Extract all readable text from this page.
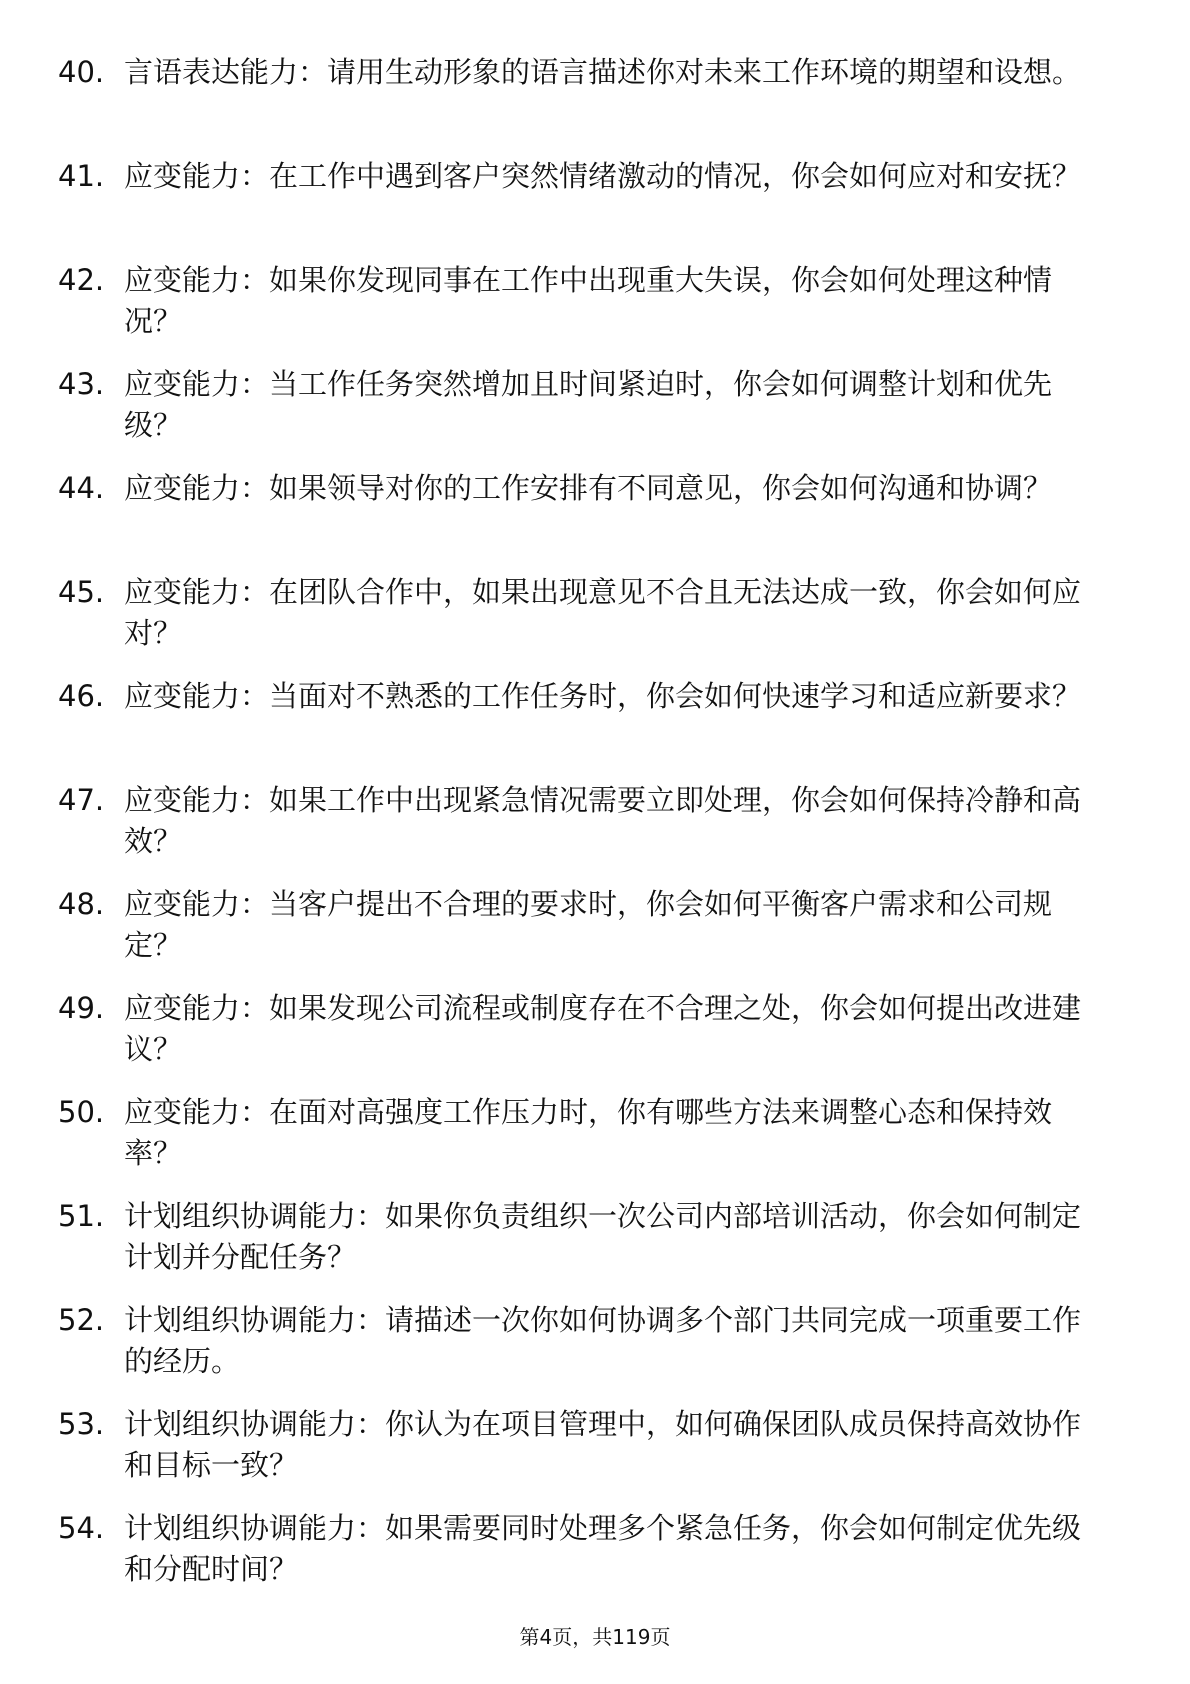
40. 言语表达能力：请用生动形象的语言描述你对未来工作环境的期望和设想。
41. 应变能力：在工作中遇到客户突然情绪激动的情况，你会如何应对和安抚？
42. 应变能力：如果你发现同事在工作中出现重大失误，你会如何处理这种情况？
43. 应变能力：当工作任务突然增加且时间紧迫时，你会如何调整计划和优先级？
44. 应变能力：如果领导对你的工作安排有不同意见，你会如何沟通和协调？
45. 应变能力：在团队合作中，如果出现意见不合且无法达成一致，你会如何应对？
46. 应变能力：当面对不熟悉的工作任务时，你会如何快速学习和适应新要求？
47. 应变能力：如果工作中出现紧急情况需要立即处理，你会如何保持冷静和高效？
48. 应变能力：当客户提出不合理的要求时，你会如何平衡客户需求和公司规定？
49. 应变能力：如果发现公司流程或制度存在不合理之处，你会如何提出改进建议？
50. 应变能力：在面对高强度工作压力时，你有哪些方法来调整心态和保持效率？
51. 计划组织协调能力：如果你负责组织一次公司内部培训活动，你会如何制定计划并分配任务？
52. 计划组织协调能力：请描述一次你如何协调多个部门共同完成一项重要工作的经历。
53. 计划组织协调能力：你认为在项目管理中，如何确保团队成员保持高效协作和目标一致？
54. 计划组织协调能力：如果需要同时处理多个紧急任务，你会如何制定优先级和分配时间？
第4页，共119页
